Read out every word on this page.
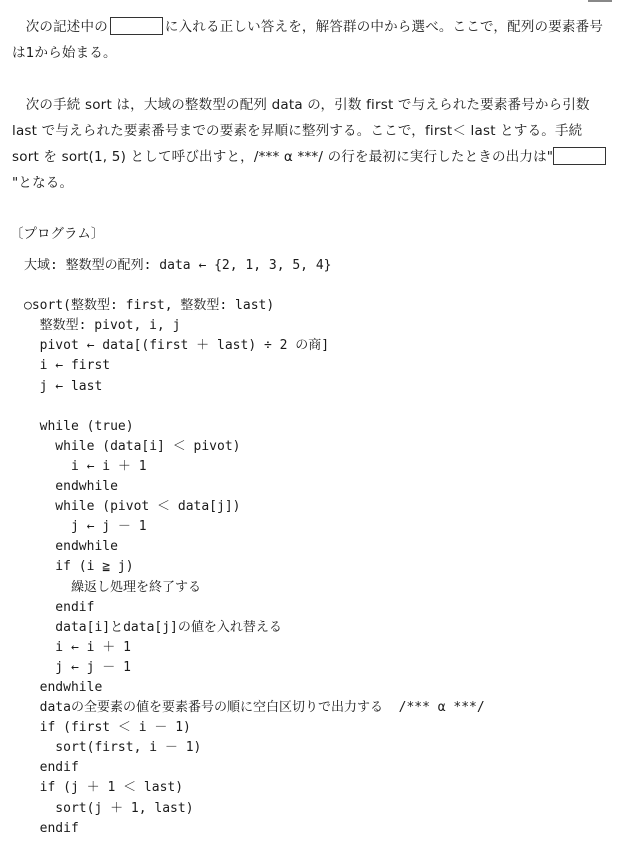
　次の記述中の	に入れる正しい答えを，解答群の中から選べ。ここで，配列の要素番号は1から始まる。
　次の手続 sort は，大域の整数型の配列 data の，引数 first で与えられた要素番号から引数 last で与えられた要素番号までの要素を昇順に整列する。ここで，first＜ last とする。手続 sort を sort(1, 5) として呼び出すと，/*** α ***/ の行を最初に実行したときの出力は""となる。
〔プログラム〕
大域: 整数型の配列: data ← {2, 1, 3, 5, 4}

○sort(整数型: first, 整数型: last)
整数型: pivot, i, j
pivot ← data[(first ＋ last) ÷ 2 の商]
i ← first
j ← last

while (true)
while (data[i] ＜ pivot)
i ← i ＋ 1
endwhile
while (pivot ＜ data[j])
j ← j － 1
endwhile
if (i ≧ j)
繰返し処理を終了する
endif
data[i]とdata[j]の値を入れ替える
i ← i ＋ 1
j ← j － 1
endwhile
dataの全要素の値を要素番号の順に空白区切りで出力する  /*** α ***/
if (first ＜ i － 1)
sort(first, i － 1)
endif
if (j ＋ 1 ＜ last)
sort(j ＋ 1, last)
endif
